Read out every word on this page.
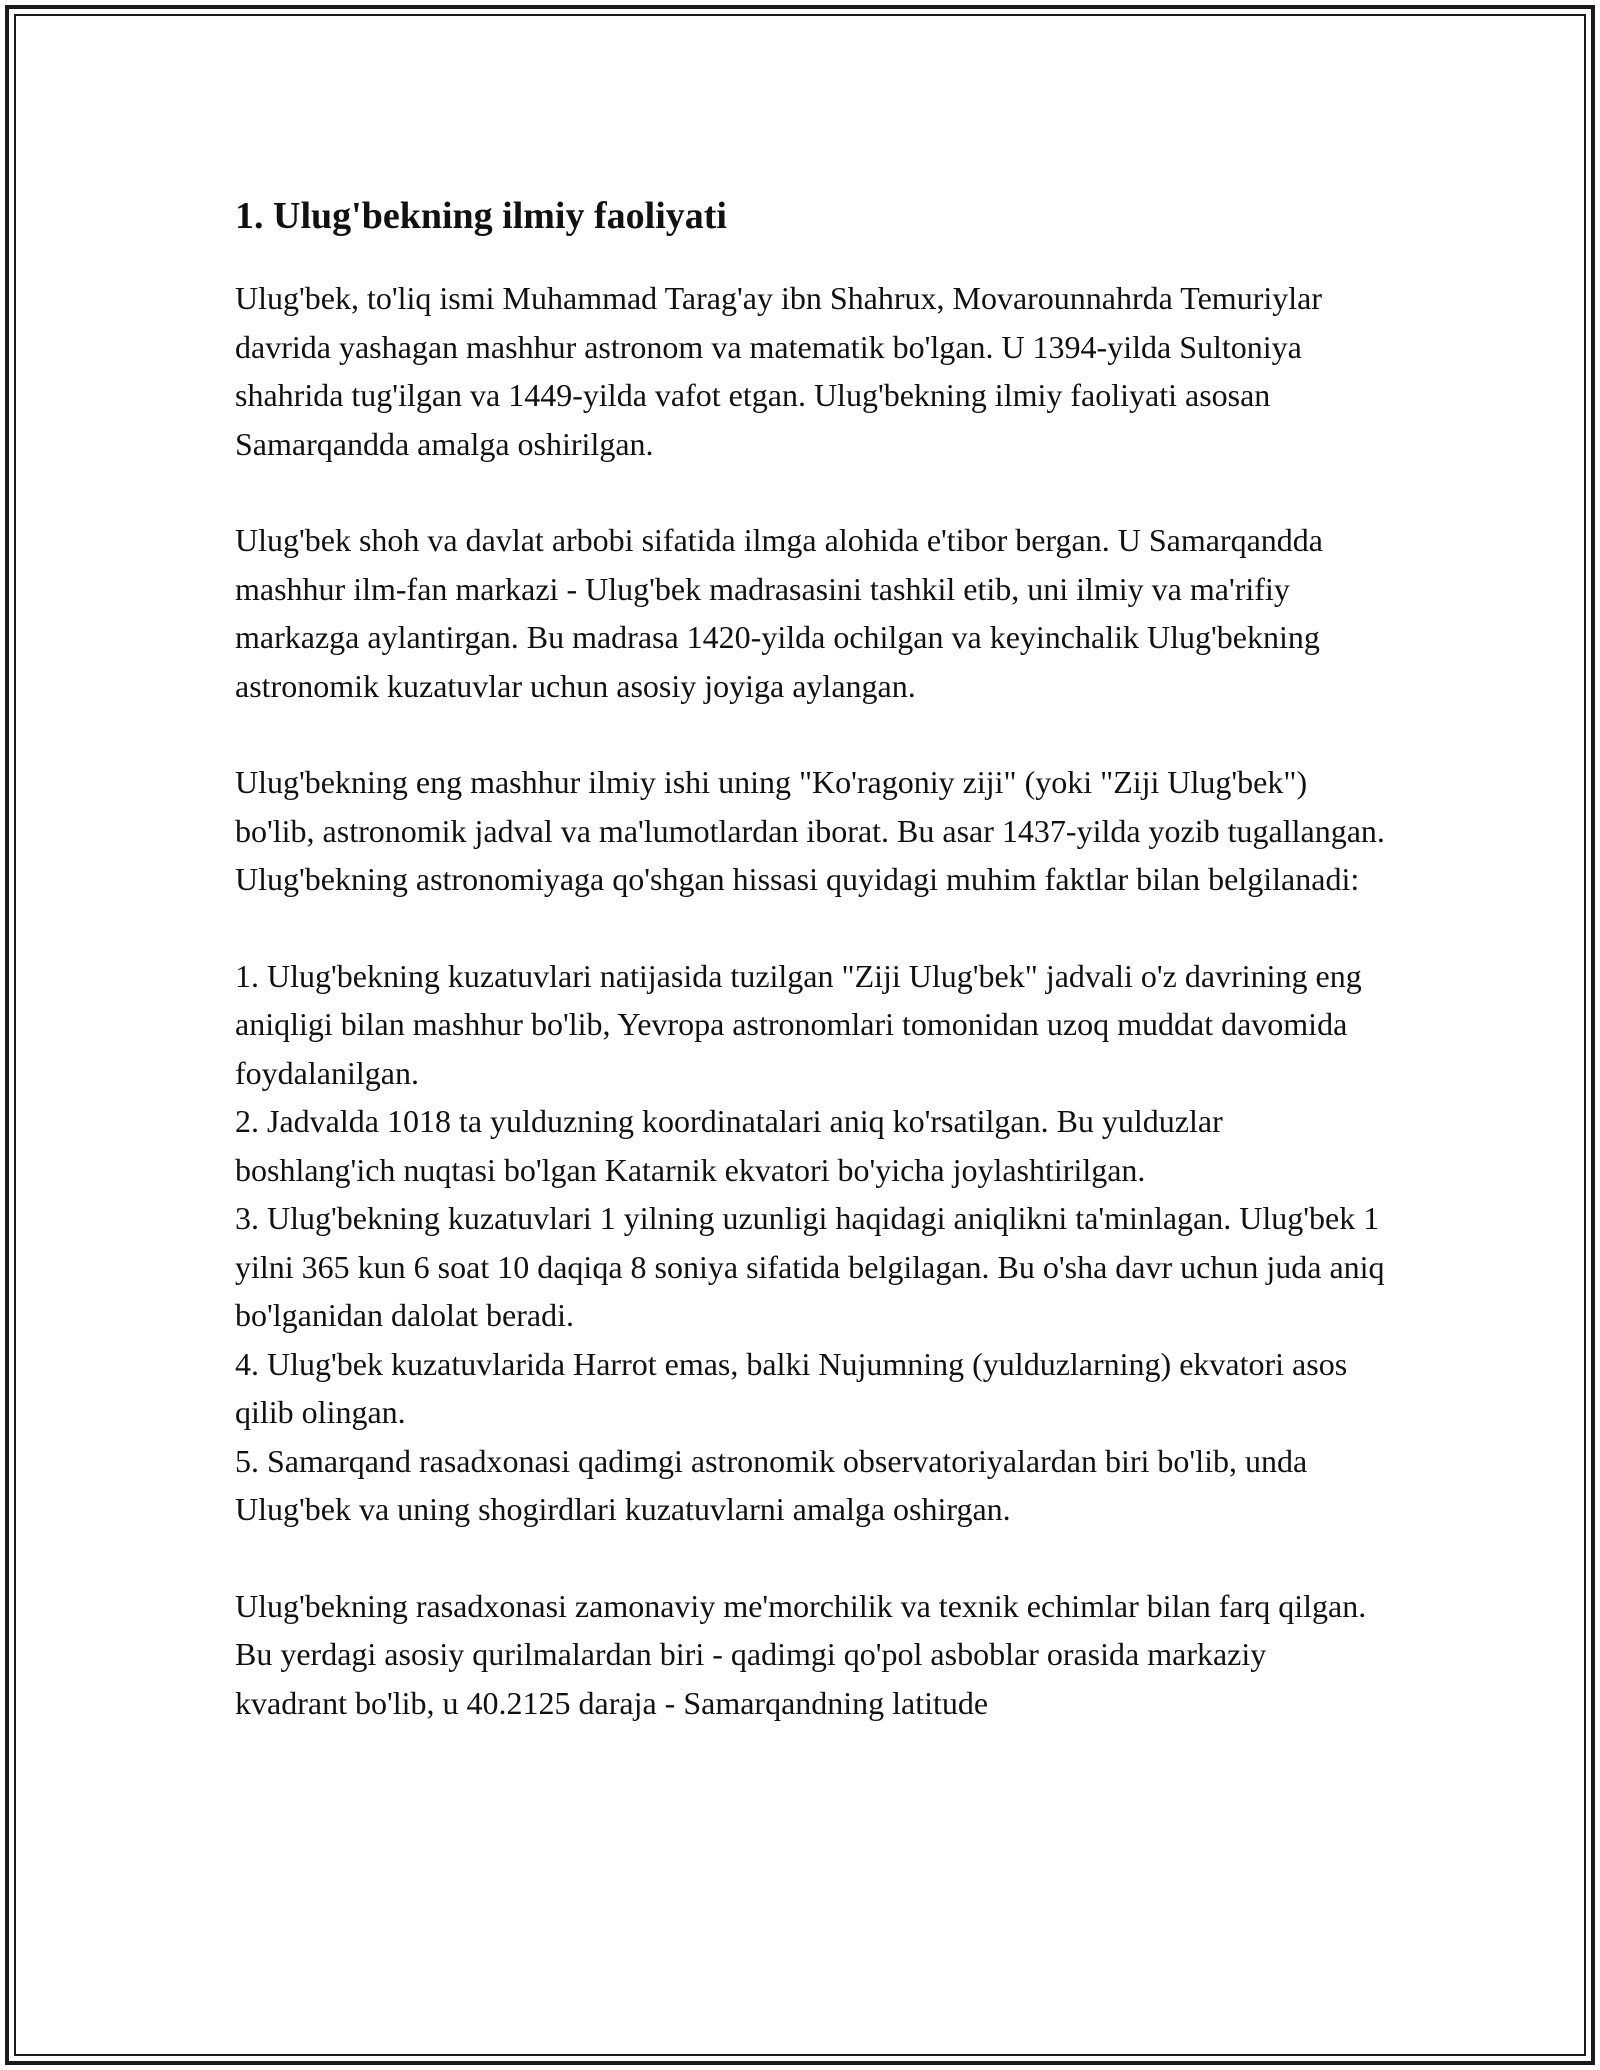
1. Ulug'bekning ilmiy faoliyati

Ulug'bek, to'liq ismi Muhammad Tarag'ay ibn Shahrux, Movarounnahrda Temuriylar davrida yashagan mashhur astronom va matematik bo'lgan. U 1394-yilda Sultoniya shahrida tug'ilgan va 1449-yilda vafot etgan. Ulug'bekning ilmiy faoliyati asosan Samarqandda amalga oshirilgan.

Ulug'bek shoh va davlat arbobi sifatida ilmga alohida e'tibor bergan. U Samarqandda mashhur ilm-fan markazi - Ulug'bek madrasasini tashkil etib, uni ilmiy va ma'rifiy markazga aylantirgan. Bu madrasa 1420-yilda ochilgan va keyinchalik Ulug'bekning astronomik kuzatuvlar uchun asosiy joyiga aylangan.

Ulug'bekning eng mashhur ilmiy ishi uning "Ko'ragoniy ziji" (yoki "Ziji Ulug'bek") bo'lib, astronomik jadval va ma'lumotlardan iborat. Bu asar 1437-yilda yozib tugallangan. Ulug'bekning astronomiyaga qo'shgan hissasi quyidagi muhim faktlar bilan belgilanadi:

1. Ulug'bekning kuzatuvlari natijasida tuzilgan "Ziji Ulug'bek" jadvali o'z davrining eng aniqligi bilan mashhur bo'lib, Yevropa astronomlari tomonidan uzoq muddat davomida foydalanilgan.
2. Jadvalda 1018 ta yulduzning koordinatalari aniq ko'rsatilgan. Bu yulduzlar boshlang'ich nuqtasi bo'lgan Katarnik ekvatori bo'yicha joylashtirilgan.
3. Ulug'bekning kuzatuvlari 1 yilning uzunligi haqidagi aniqlikni ta'minlagan. Ulug'bek 1 yilni 365 kun 6 soat 10 daqiqa 8 soniya sifatida belgilagan. Bu o'sha davr uchun juda aniq bo'lganidan dalolat beradi.
4. Ulug'bek kuzatuvlarida Harrot emas, balki Nujumning (yulduzlarning) ekvatori asos qilib olingan.
5. Samarqand rasadxonasi qadimgi astronomik observatoriyalardan biri bo'lib, unda Ulug'bek va uning shogirdlari kuzatuvlarni amalga oshirgan.

Ulug'bekning rasadxonasi zamonaviy me'morchilik va texnik echimlar bilan farq qilgan. Bu yerdagi asosiy qurilmalardan biri - qadimgi qo'pol asboblar orasida markaziy kvadrant bo'lib, u 40.2125 daraja - Samarqandning latitude
